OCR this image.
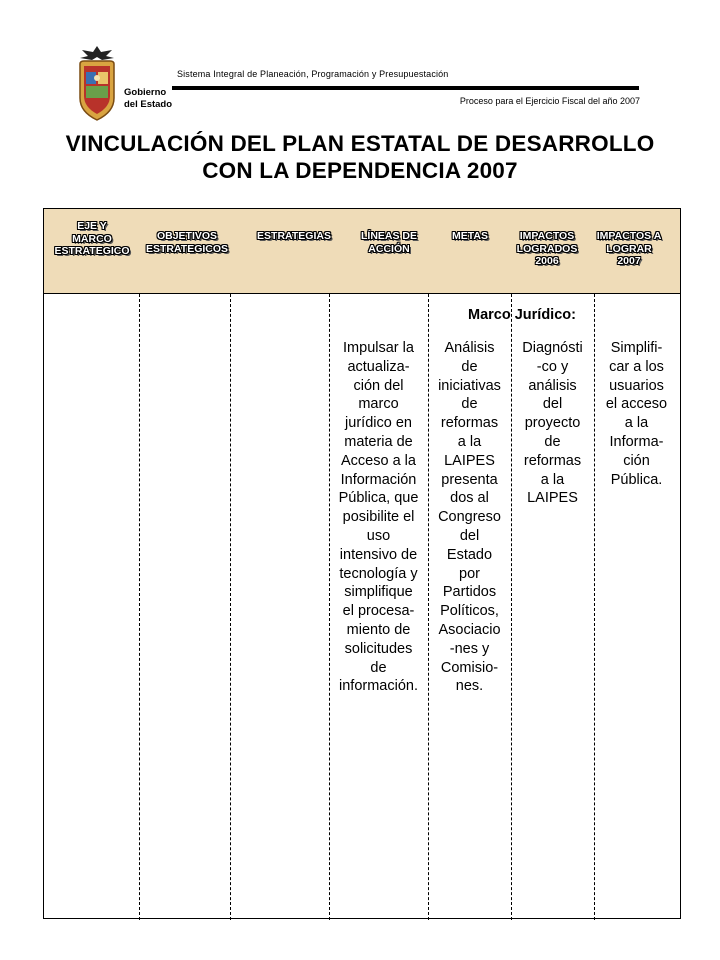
Gobierno
del Estado
Sistema Integral de Planeación, Programación y Presupuestación
Proceso para el Ejercicio Fiscal del año 2007
VINCULACIÓN DEL PLAN ESTATAL DE DESARROLLO
CON LA DEPENDENCIA 2007
EJE Y
MARCO
ESTRATEGICO
OBJETIVOS
ESTRATEGICOS
ESTRATEGIAS	LÍNEAS DE
ACCIÓN
METAS	IMPACTOS
LOGRADOS
2006
IMPACTOS A
LOGRAR
2007
Marco Jurídico:
Impulsar la
actualiza-
ción del
marco
jurídico en
materia de
Acceso a la
Información
Pública, que
posibilite el
uso
intensivo de
tecnología y
simplifique
el procesa-
miento de
solicitudes
de
información.
Análisis
de
iniciativas
de
reformas
a la
LAIPES
presenta
dos al
Congreso
del
Estado
por
Partidos
Políticos,
Asociacio
-nes y
Comisio-
nes.
Diagnósti
-co y
análisis
del
proyecto
de
reformas
a la
LAIPES
Simplifi-
car a los
usuarios
el acceso
a la
Informa-
ción
Pública.
